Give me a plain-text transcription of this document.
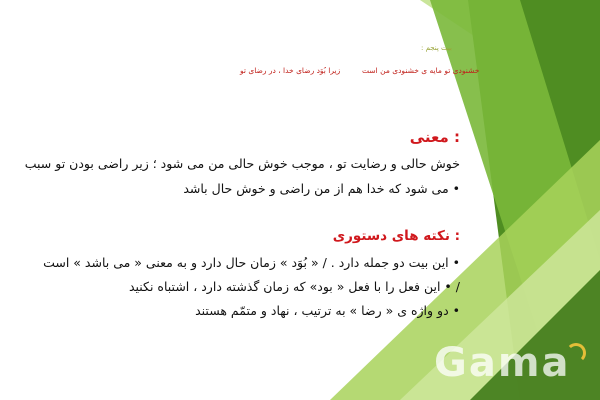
بیت پنجم :
خشنودی تو مایه ی خشنودی من است
زیرا بُوَد رضای خدا ، در رضای تو
: معنی
خوش حالی و رضایت تو ، موجب خوش حالی من می شود ؛ زیر راضی بودن تو سبب
• می شود که خدا هم از من راضی و خوش حال باشد
: نکته های دستوری
• این بیت دو جمله دارد . / « بُوَد » زمان حال دارد و به معنی « می باشد » است
/ • این فعل را با فعل « بود» که زمان گذشته دارد ، اشتباه نکنید
• دو واژه ی « رضا » به ترتیب ، نهاد و متمّم هستند
Gama
